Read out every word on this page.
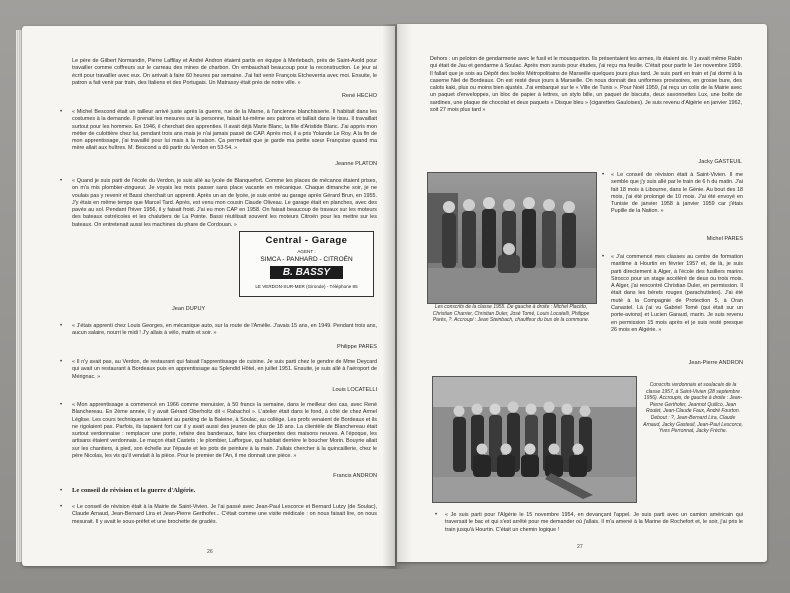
Le père de Gilbert Normandin, Pierre Laffilay et André Andron étaient partis en équipe à Merlebach, près de Saint-Avold pour travailler comme coffreurs sur le carreau des mines de charbon. On embauchait beaucoup pour la reconstruction. Le jeur ai écrit pour travailler avec eux. On arrivait à faire 60 heures par semaine. J'ai fait venir François Etcheverria avec moi. Ensuite, le patron a fait venir par train, des Italiens et des Portugais. Un Matrassy était près de notre ville. »

René HECHO
• « Michel Bescond était un tailleur arrivé juste après la guerre, rue de la Marne, à l'ancienne blanchisserie. Il habitait dans les costumes à la demande. Il prenait les mesures sur la personne, faisait lui-même ses patrons et taillait dans le tissu. Il travaillait surtout pour les hommes. En 1946, il cherchait des apprenties. Il avait déjà Marie Blanc, la fille d'Aristide Blanc. J'ai appris mon métier de culottière chez lui, pendant trois ans mais je n'ai jamais passé de CAP. Après moi, il a pris Yolande Le Roy. A la fin de mon apprentissage, j'ai travaillé pour lui mais à la maison. Ça permettait que je garde ma petite sœur Françoise quand ma mère allait aux huîtres. M. Bescond a dû partir du Verdon en 53-54. »

Jeanne PLATON
• « Quand je suis parti de l'école du Verdon, je suis allé au lycée de Blanquefort. Comme les places de mécanos étaient prises, on m'a mis plombier-zingueur. Je voyais les mois passer sans place vacante en mécanique. Chaque dimanche soir, je ne voulais pas y revenir et Bassi cherchait un apprenti. Après un an de lycée, je suis entré au garage après Gérard Brun, en 1955. J'y étais en même temps que Marcel Tard. Après, est venu mon cousin Claude Oliveau. Le garage était en planches, avec des pavés au sol. Pendant l'hiver 1956, il y faisait froid. J'ai eu mon CAP en 1958. On faisait beaucoup de travaux sur les moteurs des bateaux ostréicoles et les chalutiers de La Pointe. Bassi réutilisait souvent les moteurs Citroën pour les mettre sur les bateaux. On entretenait aussi les machines du phare de Cordouan. »

Jean DUPUY
Central - Garage
AGENT :
SIMCA - PANHARD - CITROËN
B. BASSY
LE VERDON-SUR-MER (Gironde) - Téléphone 85
• « J'étais apprenti chez Louis Georges, en mécanique auto, sur la route de l'Amélie. J'avais 15 ans, en 1949. Pendant trois ans, aucun salaire, nourri le midi ! J'y allais à vélo, matin et soir. »

Philippe PARES
• « Il n'y avait pas, au Verdon, de restaurant qui faisait l'apprentissage de cuisine. Je suis parti chez le gendre de Mme Deycard qui avait un restaurant à Bordeaux puis en apprentissage au Splendid Hôtel, en juillet 1951. Ensuite, je suis allé à l'aéroport de Mérignac. »

Louis LOCATELLI
• « Mon apprentissage a commencé en 1966 comme menuisier, à 50 francs la semaine, dans le meilleur des cas, avec René Blanchereau. En 2ème année, il y avait Gérard Oberholtz dit « Rabachol ». L'atelier était dans le fond, à côté de chez Armel Léglise. Les cours techniques se faisaient au parking de la Baleine, à Soulac, au collège. Les profs venaient de Bordeaux et ils ne rigolaient pas. Parfois, ils tapaient fort car il y avait aussi des jeunes de plus de 18 ans. La clientèle de Blanchereau était surtout verdonnaise : remplacer une porte, refaire des banderaux, faire les charpentes des maisons neuves. A l'époque, les artisans étaient verdonnais. Le maçon était Castets ; le plombier, Lafforgue, qui habitait derrière le boucher Morin. Bouyrie allait sur les chantiers, à pied, son échelle sur l'épaule et les pots de peinture à la main. J'allais chercher à la quincaillerie, chez le père Nicolas, les vis qu'il vendait à la pièce. Pour le premier de l'An, il me donnait une pièce. »

Francis ANDRON
• Le conseil de révision et la guerre d'Algérie.
• « Le conseil de révision était à la Mairie de Saint-Vivien. Je l'ai passé avec Jean-Paul Lescorce et Bernard Lutzy (de Soulac), Claude Arnaud, Jean-Bernard Lira et Jean-Pierre Gerthofer... C'était comme une visite médicale : on nous faisait lire, on nous mesurait. Il y avait le sous-préfet et une brochette de gradés.

26

Dehors : un peloton de gendarmerie avec le fusil et le mousqueton. Ils présentaient les armes, ils étaient six. Il y avait même Rabin qui était de Jau et gendarme à Soulac. Après mon sursis pour études, j'ai reçu ma feuille. C'était pour partir le 1er novembre 1959. Il fallait que je sois au Dépôt des Isolés Métropolitains de Marseille quelques jours plus tard. Je suis parti en train et j'ai dormi à la caserne Niel de Bordeaux. On est resté deux jours à Marseille. On nous donnait des uniformes provisoires, en grosse bure, des calots kaki, plus ou moins bien ajustés. J'ai embarqué sur le « Ville de Tunis ». Pour Noël 1959, j'ai reçu un colis de la Mairie avec un paquet d'enveloppes, un bloc de papier à lettres, un stylo bille, un paquet de biscuits, deux savonnettes Lux, une boîte de sardines, une plaque de chocolat et deux paquets « Disque bleu » (cigarettes Gauloises). Je suis revenu d'Algérie en janvier 1962, soit 27 mois plus tard »

Jacky GASTEUIL
Les conscrits de la classe 1955. De gauche à droite : Michel Placido, Christian Charrier, Christian Duler, José Tomé, Louis Locatelli, Philippe Parès, ?. Accroupi : Jean Steinbach, chauffeur du bus de la commune.
• « Le conseil de révision était à Saint-Vivien. Il me semble que j'y suis allé par le train de 6 h du matin. J'ai fait 18 mois à Libourne, dans le Génie. Au bout des 18 mois, j'ai été prolongé de 10 mois. J'ai été envoyé en Tunisie de janvier 1958 à janvier 1959 car j'étais Pupille de la Nation. »

Michel PARES
• « J'ai commencé mes classes au centre de formation maritime à Hourtin en février 1957 et, de là, je suis parti directement à Alger, à l'école des fusiliers marins Sirocco pour un stage accéléré de deux ou trois mois. A Alger, j'ai rencontré Christian Duler, en permission. Il était dans les bérets rouges (parachutistes). J'ai été muté à la Compagnie de Protection 5, à Oran Canastel. Là j'ai vu Gabriel Tomé (qui était sur un porte-avions) et Lucien Garaud, marin. Je suis revenu en permission 15 mois après et je suis resté presque 26 mois en Algérie. »

Jean-Pierre ANDRON
Conscrits verdonnais et soulacais de la classe 1957, à Saint-Vivien (28 septembre 1956). Accroupis, de gauche à droite : Jean-Pierre Gerthofer, Jeannot Quilico, Jean Roulet, Jean-Claude Faux, André Fourton. Debout : ?, Jean-Bernard Lira, Claude Arnaud, Jacky Gasteuil, Jean-Paul Lescorce, Yves Perronnat, Jacky Frèche.
• « Je suis parti pour l'Algérie le 15 novembre 1954, en devançant l'appel. Je suis parti avec un camion américain qui traversait le bac et qui s'est arrêté pour me demander où j'allais. Il m'a amené à la Marine de Rochefort et, le soir, j'ai pris le train jusqu'à Hourtin. C'était un chemin logique !

27
